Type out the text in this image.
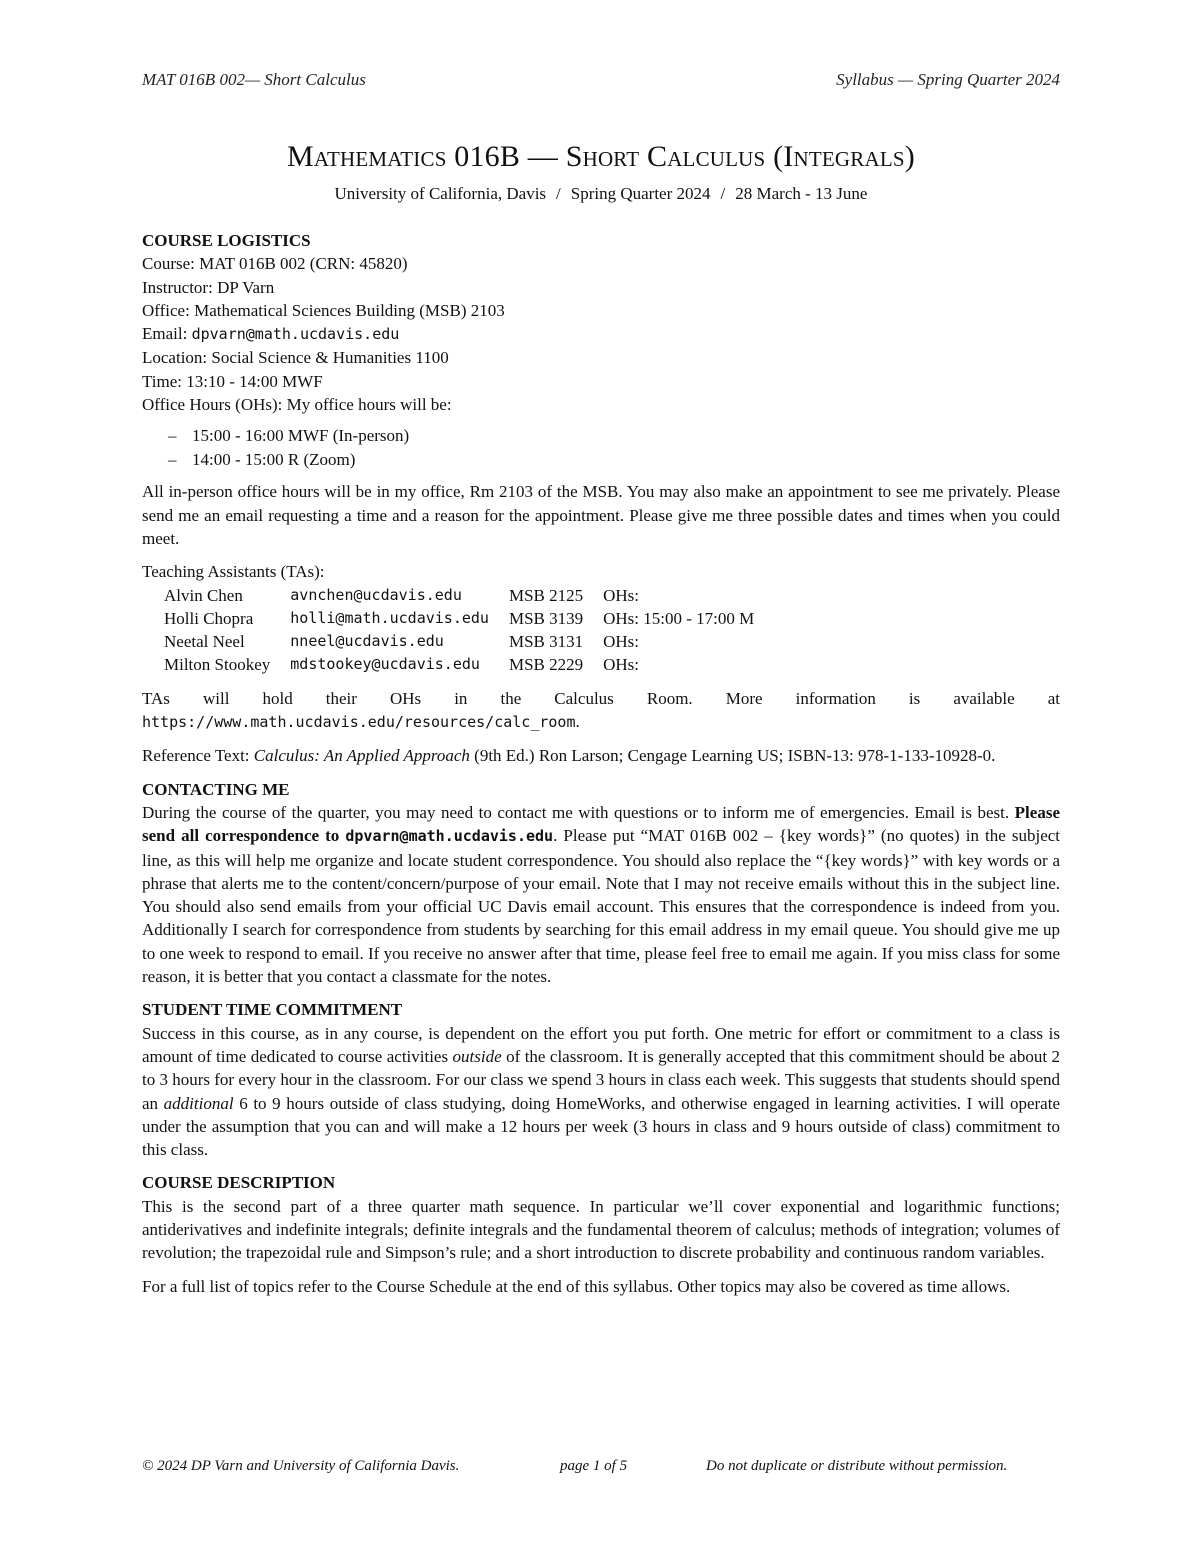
MAT 016B 002— Short Calculus	Syllabus — Spring Quarter 2024
Mathematics 016B — Short Calculus (Integrals)
University of California, Davis / Spring Quarter 2024 / 28 March - 13 June
COURSE LOGISTICS
Course: MAT 016B 002 (CRN: 45820)
Instructor: DP Varn
Office: Mathematical Sciences Building (MSB) 2103
Email: dpvarn@math.ucdavis.edu
Location: Social Science & Humanities 1100
Time: 13:10 - 14:00 MWF
Office Hours (OHs): My office hours will be:
– 15:00 - 16:00 MWF (In-person)
– 14:00 - 15:00 R (Zoom)

All in-person office hours will be in my office, Rm 2103 of the MSB. You may also make an appointment to see me privately. Please send me an email requesting a time and a reason for the appointment. Please give me three possible dates and times when you could meet.

Teaching Assistants (TAs):
Alvin Chen	avnchen@ucdavis.edu	MSB 2125	OHs:
Holli Chopra	holli@math.ucdavis.edu	MSB 3139	OHs: 15:00 - 17:00 M
Neetal Neel	nneel@ucdavis.edu	MSB 3131	OHs:
Milton Stookey	mdstookey@ucdavis.edu	MSB 2229	OHs:

TAs will hold their OHs in the Calculus Room. More information is available at https://www.math.ucdavis.edu/resources/calc_room.

Reference Text: Calculus: An Applied Approach (9th Ed.) Ron Larson; Cengage Learning US; ISBN-13: 978-1-133-10928-0.

CONTACTING ME

During the course of the quarter, you may need to contact me with questions or to inform me of emergencies. Email is best. Please send all correspondence to dpvarn@math.ucdavis.edu. Please put “MAT 016B 002 – {key words}” (no quotes) in the subject line, as this will help me organize and locate student correspondence. You should also replace the “{key words}” with key words or a phrase that alerts me to the content/concern/purpose of your email. Note that I may not receive emails without this in the subject line. You should also send emails from your official UC Davis email account. This ensures that the correspondence is indeed from you. Additionally I search for correspondence from students by searching for this email address in my email queue. You should give me up to one week to respond to email. If you receive no answer after that time, please feel free to email me again. If you miss class for some reason, it is better that you contact a classmate for the notes.

STUDENT TIME COMMITMENT

Success in this course, as in any course, is dependent on the effort you put forth. One metric for effort or commitment to a class is amount of time dedicated to course activities outside of the classroom. It is generally accepted that this commitment should be about 2 to 3 hours for every hour in the classroom. For our class we spend 3 hours in class each week. This suggests that students should spend an additional 6 to 9 hours outside of class studying, doing HomeWorks, and otherwise engaged in learning activities. I will operate under the assumption that you can and will make a 12 hours per week (3 hours in class and 9 hours outside of class) commitment to this class.

COURSE DESCRIPTION

This is the second part of a three quarter math sequence. In particular we’ll cover exponential and logarithmic functions; antiderivatives and indefinite integrals; definite integrals and the fundamental theorem of calculus; methods of integration; volumes of revolution; the trapezoidal rule and Simpson’s rule; and a short introduction to discrete probability and continuous random variables.

For a full list of topics refer to the Course Schedule at the end of this syllabus. Other topics may also be covered as time allows.

© 2024 DP Varn and University of California Davis.	page 1 of 5	Do not duplicate or distribute without permission.
